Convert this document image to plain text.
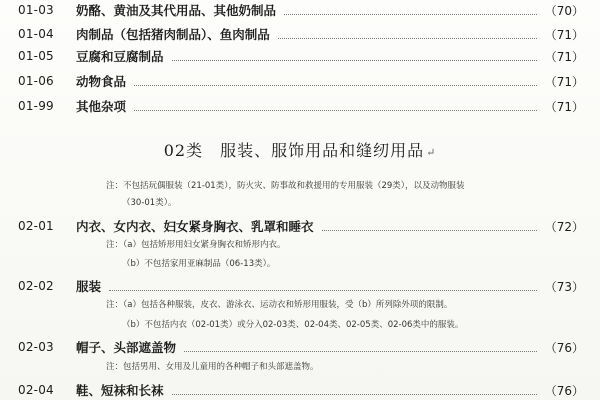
01-03	奶酪、黄油及其代用品、其他奶制品	（70）
01-04	肉制品（包括猪肉制品）、鱼肉制品	（71）
01-05	豆腐和豆腐制品	（71）
01-06	动物食品	（71）
01-99	其他杂项	（71）
02类　服装、服饰用品和缝纫用品 ↵
注：不包括玩偶服装（21-01类），防火灾、防事故和救援用的专用服装（29类），以及动物服装
（30-01类）。
02-01	内衣、女内衣、妇女紧身胸衣、乳罩和睡衣	（72）
注：（a）包括矫形用妇女紧身胸衣和矫形内衣。
（b）不包括家用亚麻制品（06-13类）。
02-02	服装	（73）
注：（a）包括各种服装，皮衣、游泳衣、运动衣和矫形用服装，受（b）所列除外项的限制。
（b）不包括内衣（02-01类）或分入02-03类、02-04类、02-05类、02-06类中的服装。
02-03	帽子、头部遮盖物	（76）
注：包括男用、女用及儿童用的各种帽子和头部遮盖物。
02-04	鞋、短袜和长袜	（76）
